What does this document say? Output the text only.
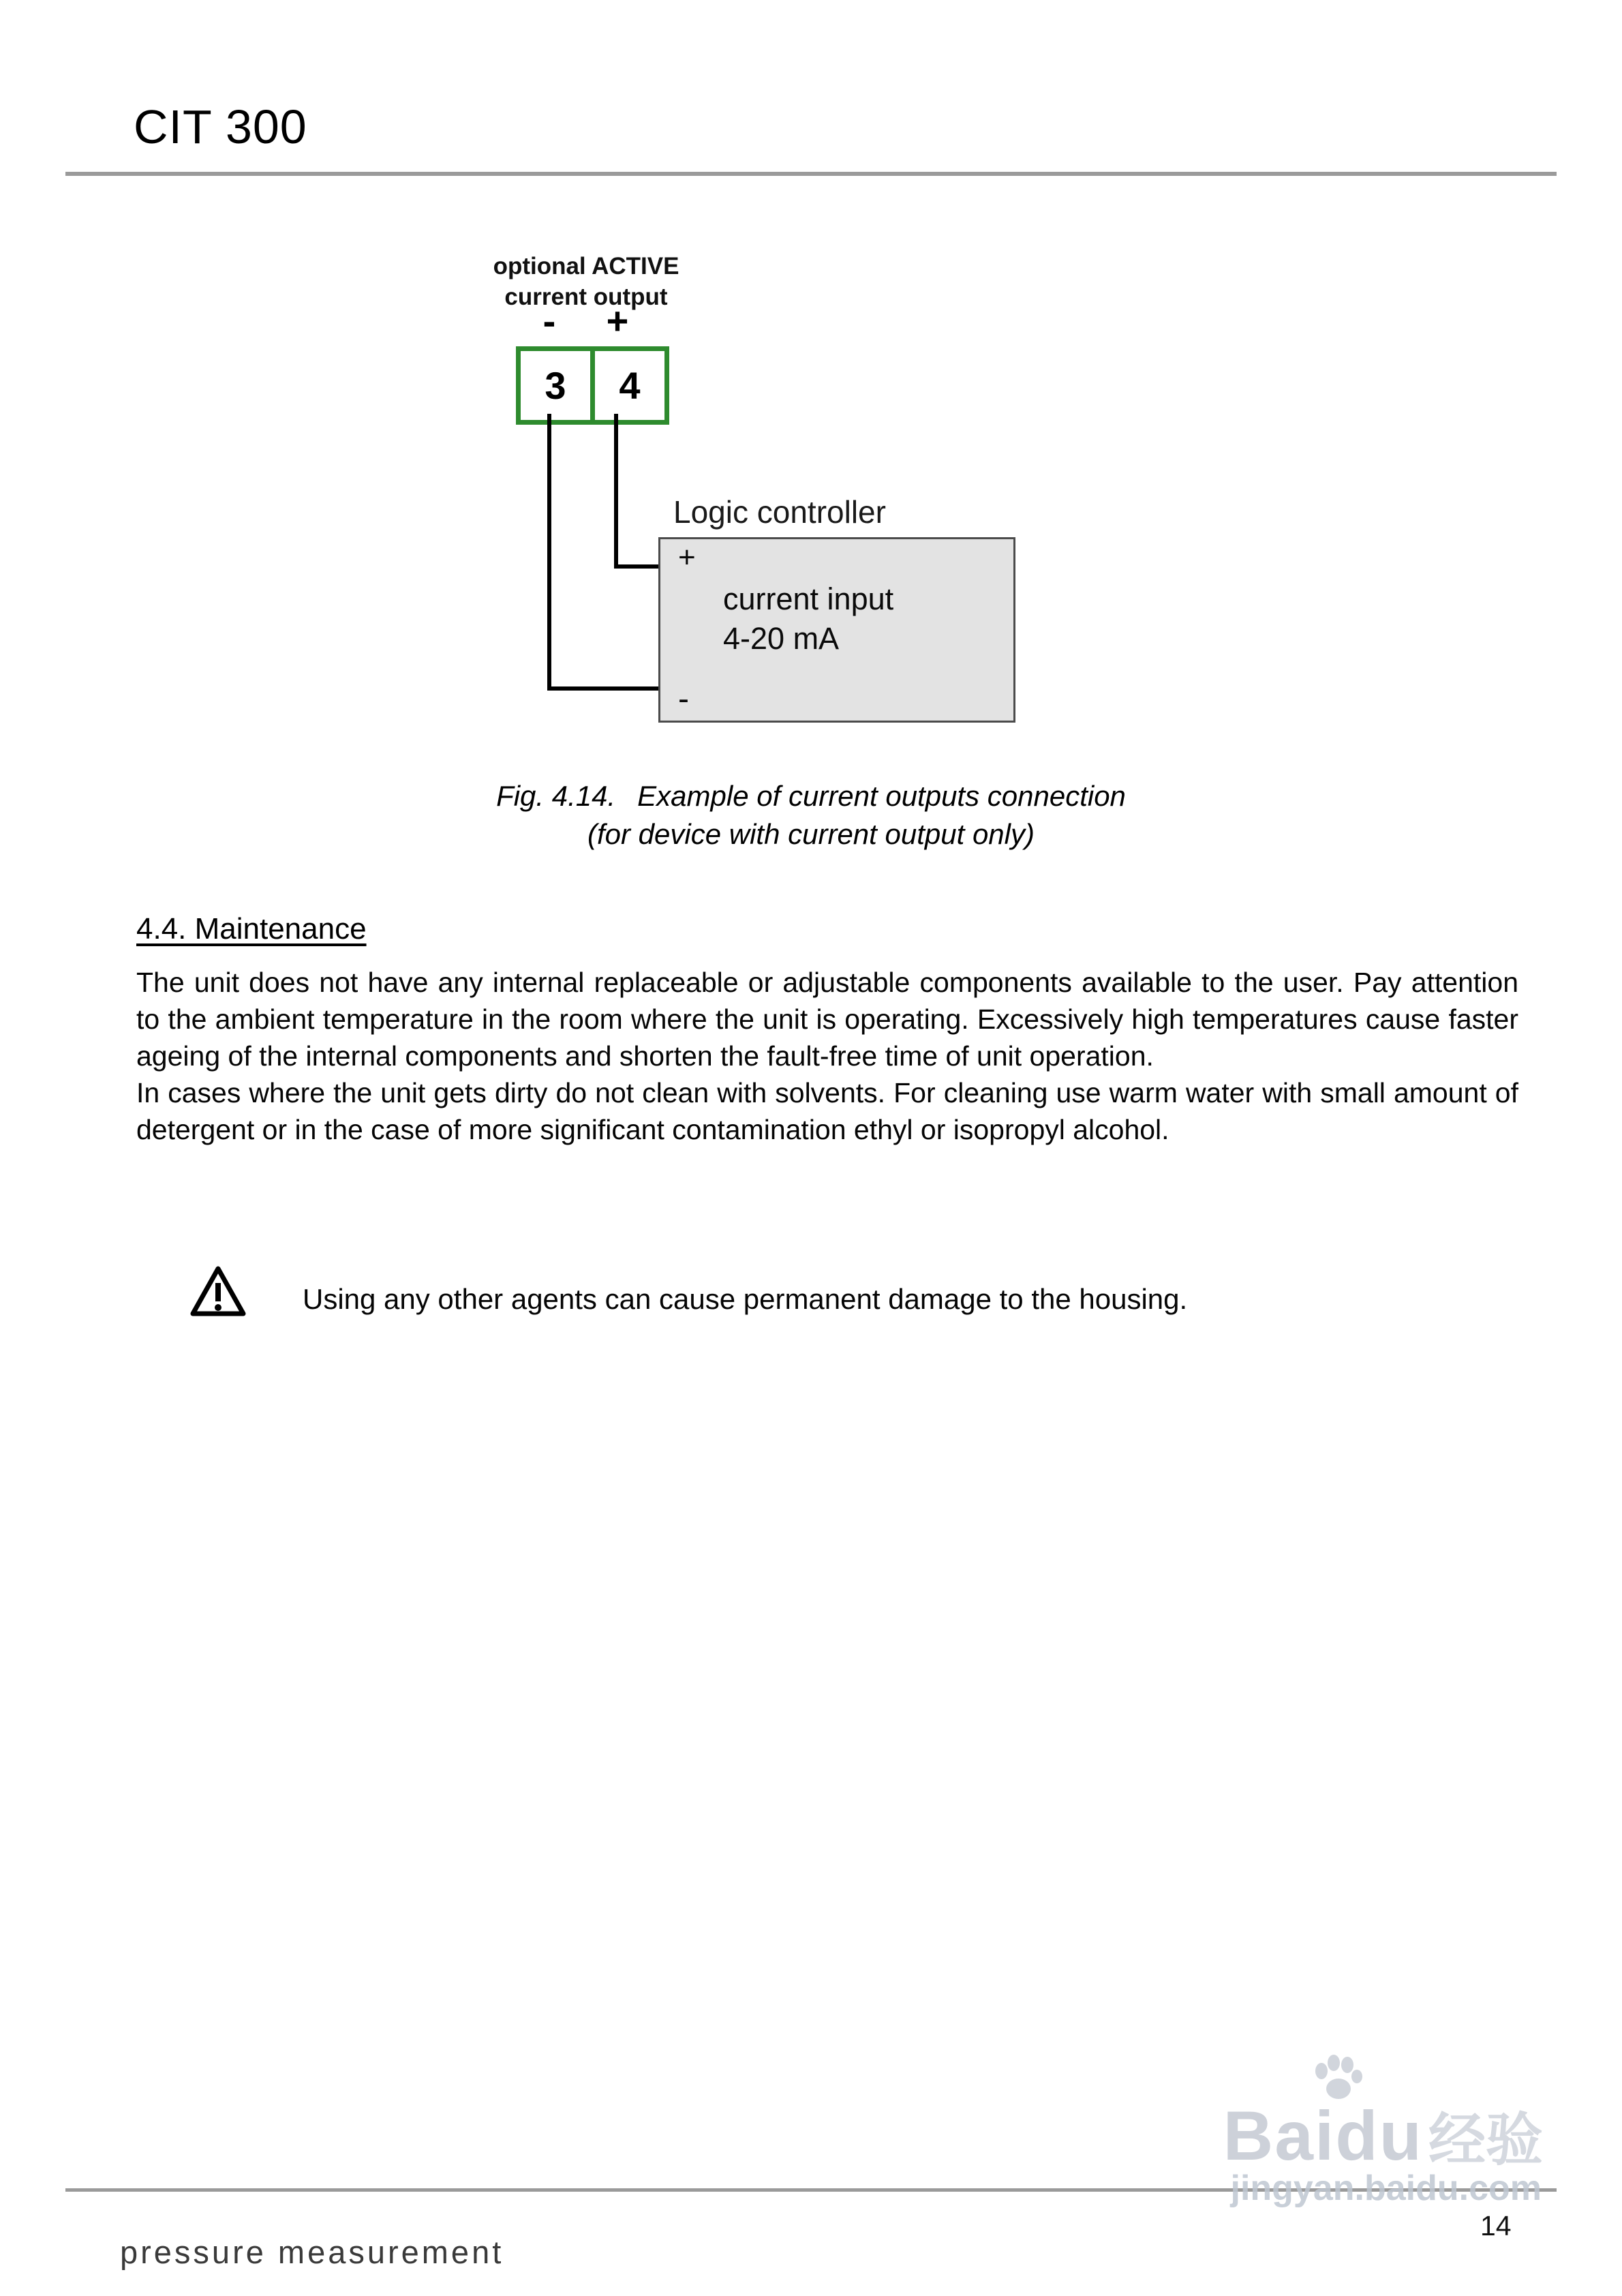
CIT 300
optional ACTIVE
current output
- +
3	4
Logic controller
+
current input
4-20 mA
-
Fig. 4.14. Example of current outputs connection
(for device with current output only)
4.4. Maintenance

The unit does not have any internal replaceable or adjustable components available to the user. Pay attention to the ambient temperature in the room where the unit is operating. Excessively high temperatures cause faster ageing of the internal components and shorten the fault-free time of unit operation.

In cases where the unit gets dirty do not clean with solvents. For cleaning use warm water with small amount of detergent or in the case of more significant contamination ethyl or isopropyl alcohol.

Using any other agents can cause permanent damage to the housing.
pressure measurement
14
Baidu经验
jingyan.baidu.com
